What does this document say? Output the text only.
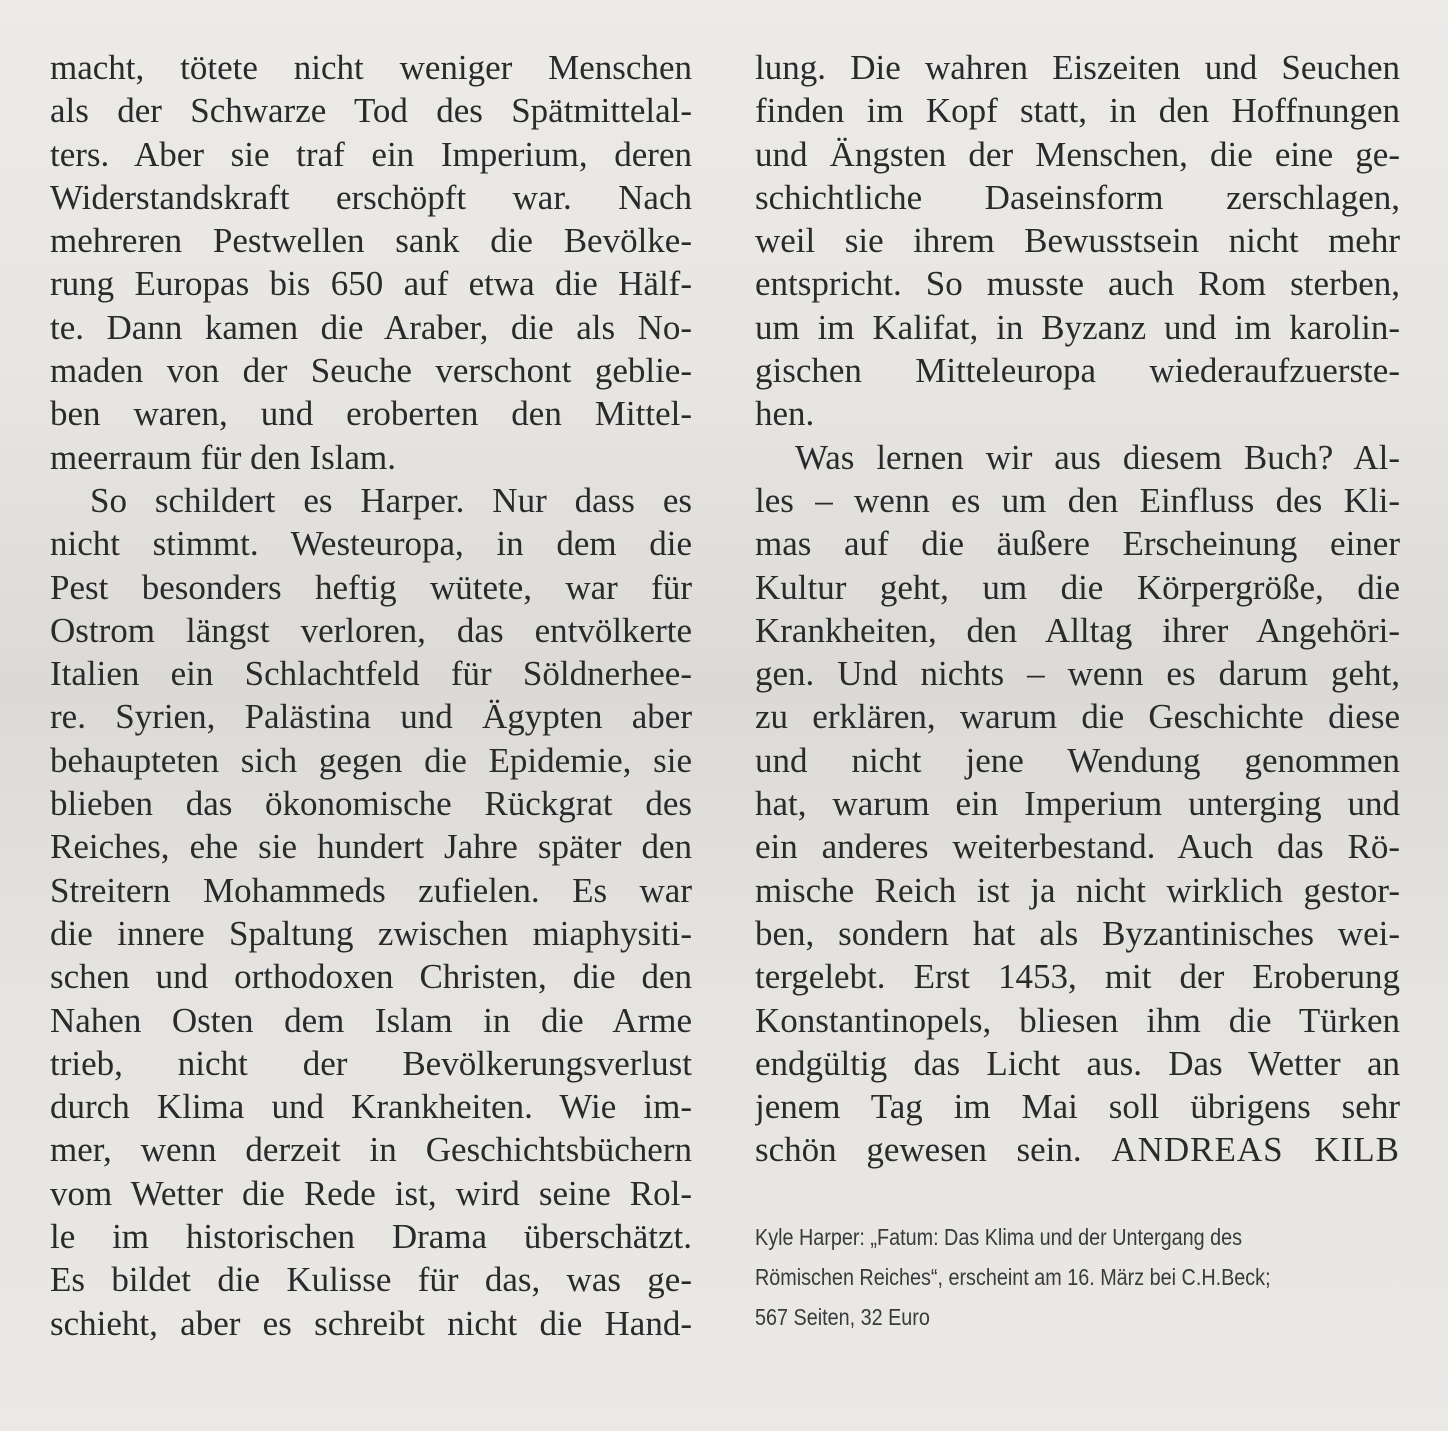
macht, tötete nicht weniger Menschen
als der Schwarze Tod des Spätmittelal-
ters. Aber sie traf ein Imperium, deren
Widerstandskraft erschöpft war. Nach
mehreren Pestwellen sank die Bevölke-
rung Europas bis 650 auf etwa die Hälf-
te. Dann kamen die Araber, die als No-
maden von der Seuche verschont geblie-
ben waren, und eroberten den Mittel-
meerraum für den Islam.
So schildert es Harper. Nur dass es
nicht stimmt. Westeuropa, in dem die
Pest besonders heftig wütete, war für
Ostrom längst verloren, das entvölkerte
Italien ein Schlachtfeld für Söldnerhee-
re. Syrien, Palästina und Ägypten aber
behaupteten sich gegen die Epidemie, sie
blieben das ökonomische Rückgrat des
Reiches, ehe sie hundert Jahre später den
Streitern Mohammeds zufielen. Es war
die innere Spaltung zwischen miaphysiti-
schen und orthodoxen Christen, die den
Nahen Osten dem Islam in die Arme
trieb, nicht der Bevölkerungsverlust
durch Klima und Krankheiten. Wie im-
mer, wenn derzeit in Geschichtsbüchern
vom Wetter die Rede ist, wird seine Rol-
le im historischen Drama überschätzt.
Es bildet die Kulisse für das, was ge-
schieht, aber es schreibt nicht die Hand-
lung. Die wahren Eiszeiten und Seuchen
finden im Kopf statt, in den Hoffnungen
und Ängsten der Menschen, die eine ge-
schichtliche Daseinsform zerschlagen,
weil sie ihrem Bewusstsein nicht mehr
entspricht. So musste auch Rom sterben,
um im Kalifat, in Byzanz und im karolin-
gischen Mitteleuropa wiederaufzuerste-
hen.
Was lernen wir aus diesem Buch? Al-
les – wenn es um den Einfluss des Kli-
mas auf die äußere Erscheinung einer
Kultur geht, um die Körpergröße, die
Krankheiten, den Alltag ihrer Angehöri-
gen. Und nichts – wenn es darum geht,
zu erklären, warum die Geschichte diese
und nicht jene Wendung genommen
hat, warum ein Imperium unterging und
ein anderes weiterbestand. Auch das Rö-
mische Reich ist ja nicht wirklich gestor-
ben, sondern hat als Byzantinisches wei-
tergelebt. Erst 1453, mit der Eroberung
Konstantinopels, bliesen ihm die Türken
endgültig das Licht aus. Das Wetter an
jenem Tag im Mai soll übrigens sehr
schön gewesen sein. ANDREAS KILB
Kyle Harper: „Fatum: Das Klima und der Untergang des
Römischen Reiches“, erscheint am 16. März bei C.H.Beck;
567 Seiten, 32 Euro
